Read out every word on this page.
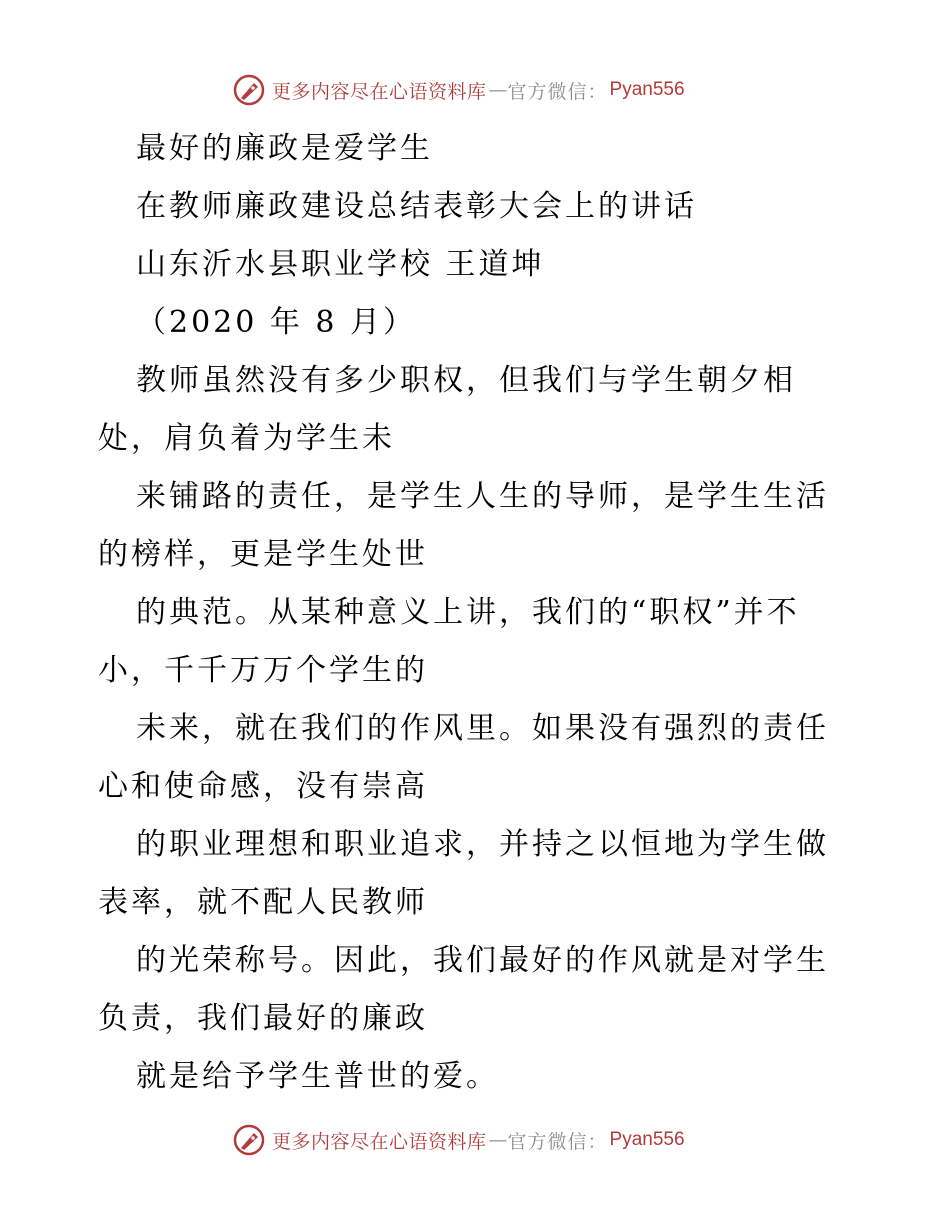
更多内容尽在心语资料库 — 官方微信： Pyan556

最好的廉政是爱学生

在教师廉政建设总结表彰大会上的讲话

山东沂水县职业学校 王道坤

（2020 年 8 月）

教师虽然没有多少职权，但我们与学生朝夕相

处，肩负着为学生未

来铺路的责任，是学生人生的导师，是学生生活

的榜样，更是学生处世

的典范。从某种意义上讲，我们的“职权”并不

小，千千万万个学生的

未来，就在我们的作风里。如果没有强烈的责任

心和使命感，没有崇高

的职业理想和职业追求，并持之以恒地为学生做

表率，就不配人民教师

的光荣称号。因此，我们最好的作风就是对学生

负责，我们最好的廉政

就是给予学生普世的爱。

更多内容尽在心语资料库 — 官方微信： Pyan556
